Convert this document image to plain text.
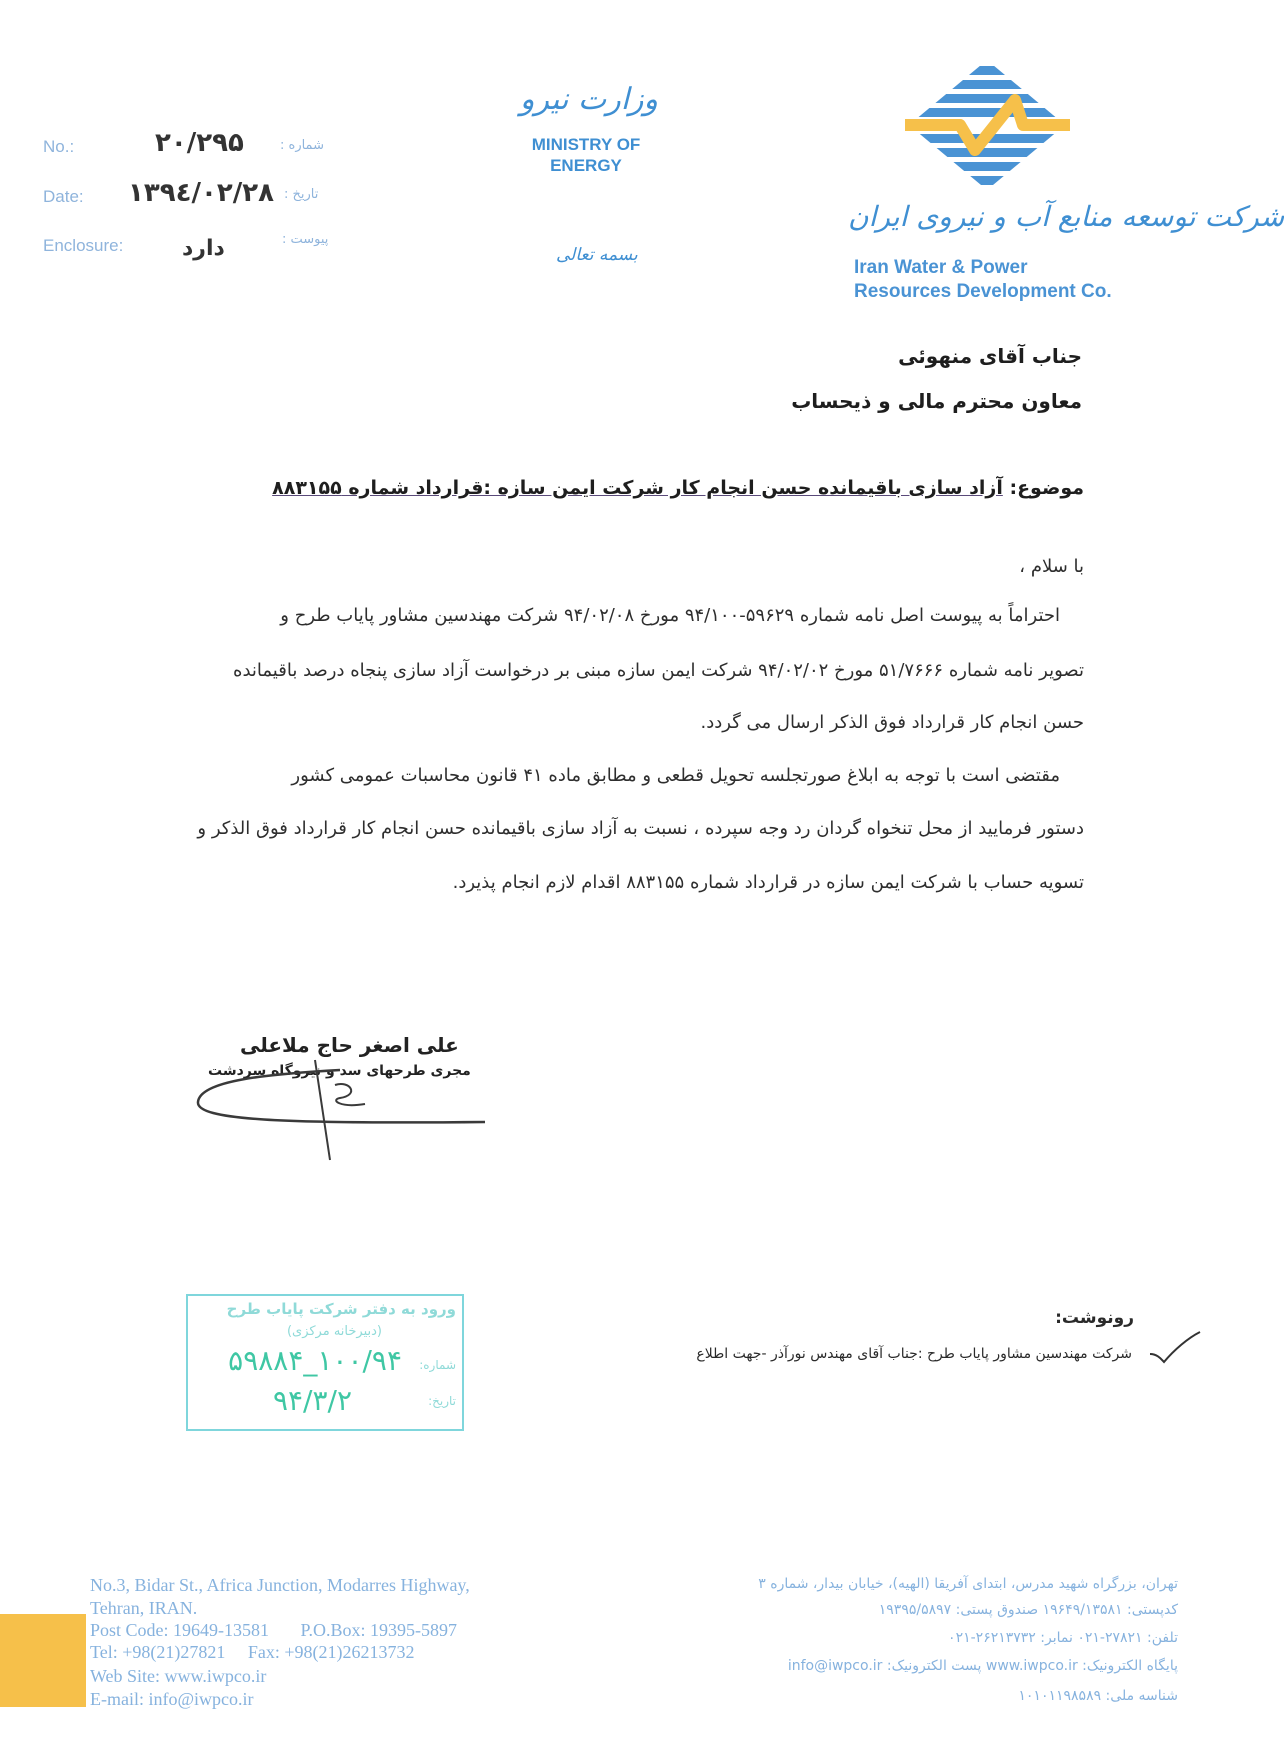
No.:	۲۰/۲۹۵	شماره :
Date: ۱۳۹٤/۰۲/۲۸ تاریخ :
Enclosure:	دارد	پیوست :
وزارت نیرو
MINISTRY OF
ENERGY
بسمه تعالی
شرکت توسعه منابع آب و نیروی ایران
Iran Water & Power
Resources Development Co.
جناب آقای منهوئی
معاون محترم مالی و ذیحساب
موضوع: آزاد سازی باقیمانده حسن انجام کار شرکت ایمن سازه :قرارداد شماره ۸۸۳۱۵۵
با سلام ،
احتراماً به پیوست اصل نامه شماره ۵۹۶۲۹-۹۴/۱۰۰ مورخ ۹۴/۰۲/۰۸ شرکت مهندسین مشاور پایاب طرح و
تصویر نامه شماره ۵۱/۷۶۶۶ مورخ ۹۴/۰۲/۰۲ شرکت ایمن سازه مبنی بر درخواست آزاد سازی پنجاه درصد باقیمانده
حسن انجام کار قرارداد فوق الذکر ارسال می گردد.
مقتضی است با توجه به ابلاغ صورتجلسه تحویل قطعی و مطابق ماده ۴۱ قانون محاسبات عمومی کشور
دستور فرمایید از محل تنخواه گردان رد وجه سپرده ، نسبت به آزاد سازی باقیمانده حسن انجام کار قرارداد فوق الذکر و
تسویه حساب با شرکت ایمن سازه در قرارداد شماره ۸۸۳۱۵۵ اقدام لازم انجام پذیرد.
علی اصغر حاج ملاعلی
مجری طرحهای سد و نیروگاه سردشت
ورود به دفتر شرکت پایاب طرح
(دبیرخانه مرکزی)
شماره:
۱۰۰/۹۴_۵۹۸۸۴
تاریخ:
۹۴/۳/۲
رونوشت:
شرکت مهندسین مشاور پایاب طرح :جناب آقای مهندس نورآذر -جهت اطلاع
No.3, Bidar St., Africa Junction, Modarres Highway,
Tehran, IRAN.
Post Code: 19649-13581       P.O.Box: 19395-5897
Tel: +98(21)27821     Fax: +98(21)26213732
Web Site: www.iwpco.ir
E-mail: info@iwpco.ir
تهران، بزرگراه شهید مدرس، ابتدای آفریقا (الهیه)، خیابان بیدار، شماره ۳
کدپستی: ۱۹۶۴۹/۱۳۵۸۱ صندوق پستی: ۱۹۳۹۵/۵۸۹۷
تلفن: ۲۷۸۲۱-۰۲۱ نمابر: ۲۶۲۱۳۷۳۲-۰۲۱
پایگاه الکترونیک: www.iwpco.ir پست الکترونیک: info@iwpco.ir
شناسه ملی: ۱۰۱۰۱۱۹۸۵۸۹
